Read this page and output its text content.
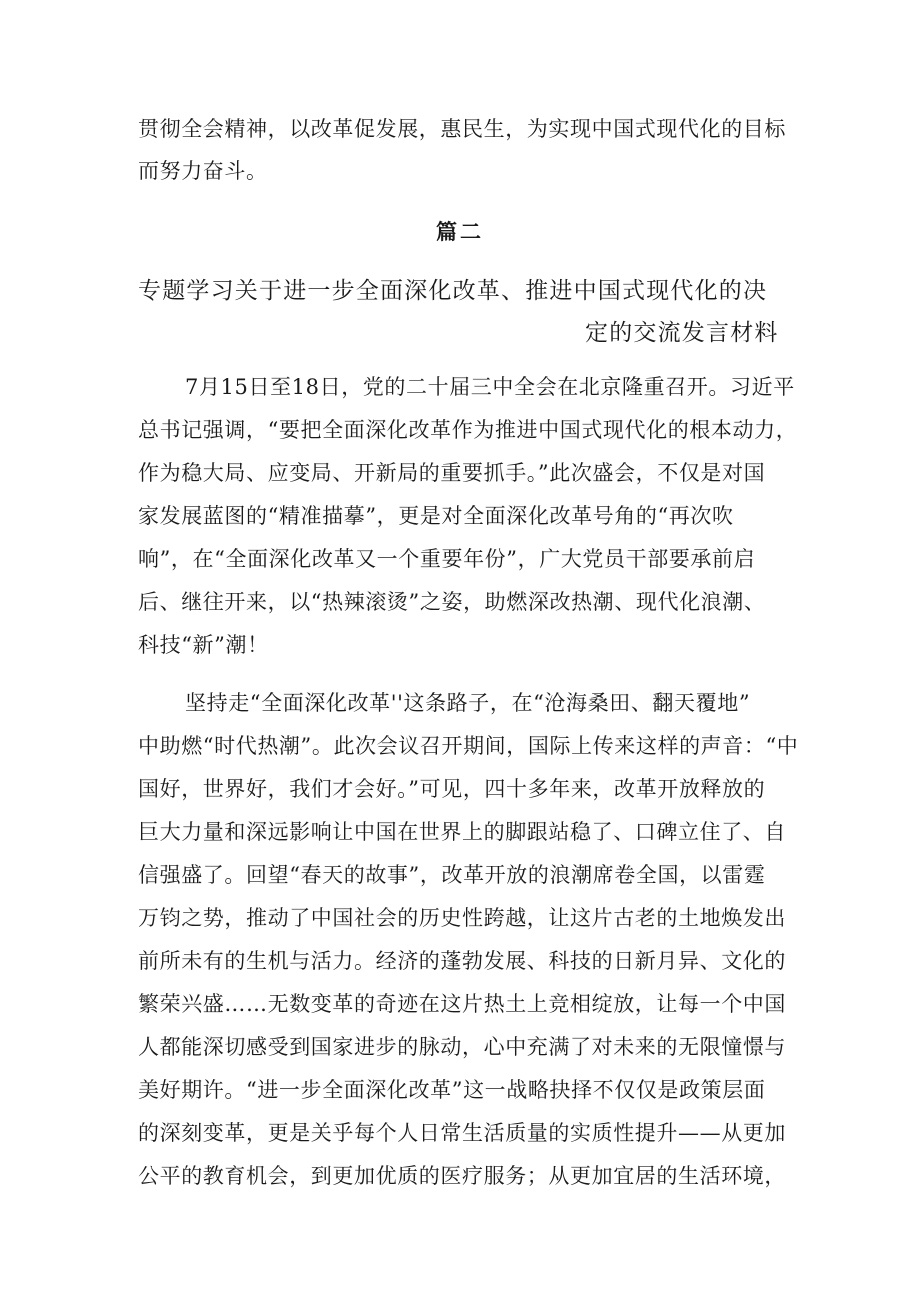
贯彻全会精神，以改革促发展，惠民生，为实现中国式现代化的目标
而努力奋斗。
篇二
专题学习关于进一步全面深化改革、推进中国式现代化的决
定的交流发言材料
7月15日至18日，党的二十届三中全会在北京隆重召开。习近平
总书记强调，“要把全面深化改革作为推进中国式现代化的根本动力，
作为稳大局、应变局、开新局的重要抓手。”此次盛会，不仅是对国
家发展蓝图的“精准描摹”，更是对全面深化改革号角的“再次吹
响”，在“全面深化改革又一个重要年份”，广大党员干部要承前启
后、继往开来，以“热辣滚烫”之姿，助燃深改热潮、现代化浪潮、
科技“新”潮！
坚持走“全面深化改革''这条路子，在“沧海桑田、翻天覆地”
中助燃“时代热潮”。此次会议召开期间，国际上传来这样的声音：“中
国好，世界好，我们才会好。”可见，四十多年来，改革开放释放的
巨大力量和深远影响让中国在世界上的脚跟站稳了、口碑立住了、自
信强盛了。回望“春天的故事”，改革开放的浪潮席卷全国，以雷霆
万钧之势，推动了中国社会的历史性跨越，让这片古老的土地焕发出
前所未有的生机与活力。经济的蓬勃发展、科技的日新月异、文化的
繁荣兴盛……无数变革的奇迹在这片热土上竞相绽放，让每一个中国
人都能深切感受到国家进步的脉动，心中充满了对未来的无限憧憬与
美好期许。“进一步全面深化改革”这一战略抉择不仅仅是政策层面
的深刻变革，更是关乎每个人日常生活质量的实质性提升——从更加
公平的教育机会，到更加优质的医疗服务；从更加宜居的生活环境，
